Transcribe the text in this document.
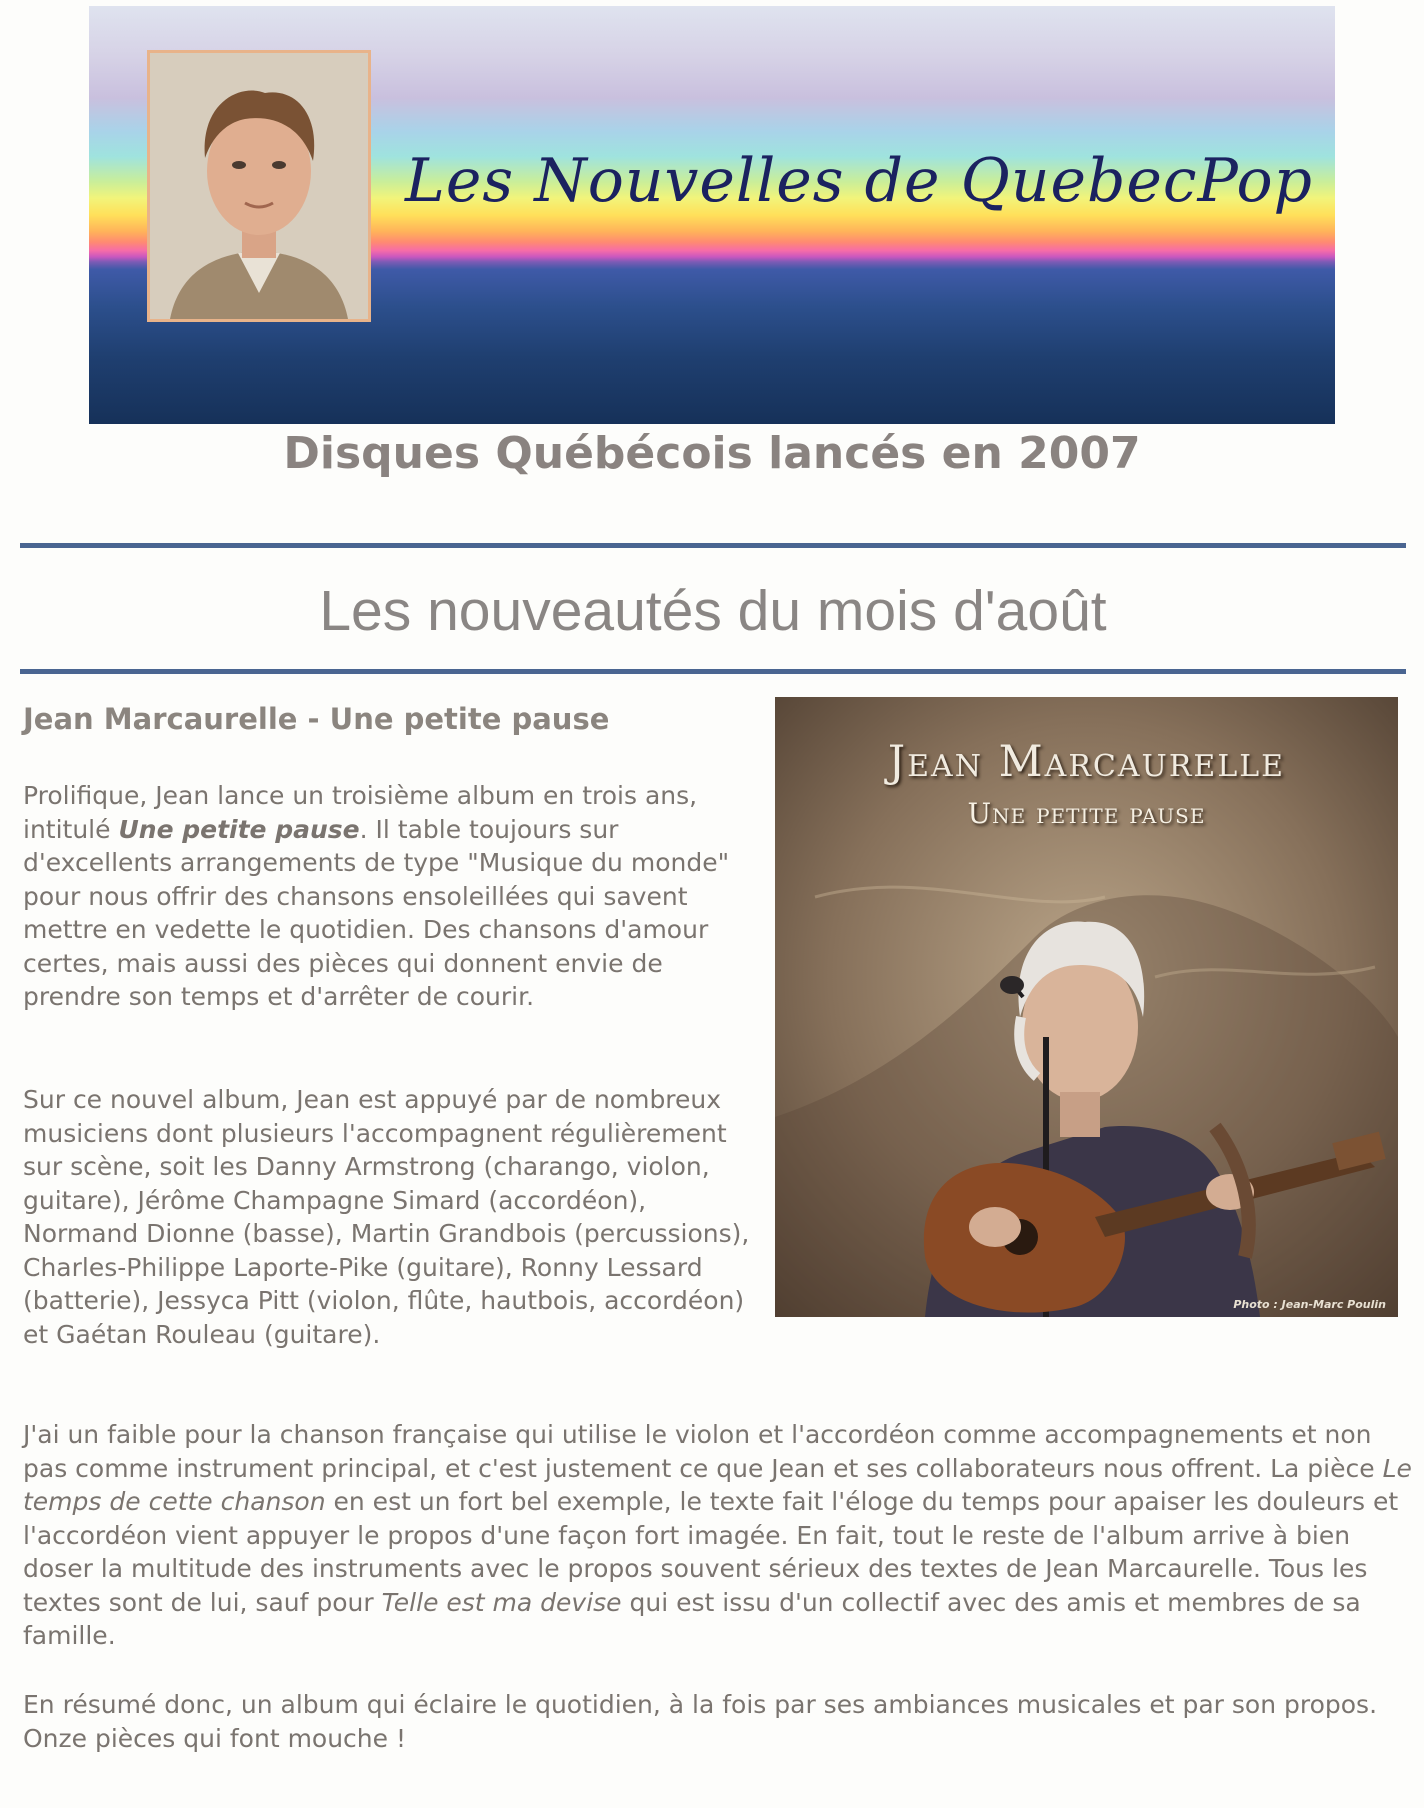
Les Nouvelles de QuebecPop
Disques Québécois lancés en 2007
Les nouveautés du mois d'août
Jean Marcaurelle - Une petite pause

Prolifique, Jean lance un troisième album en trois ans, intitulé Une petite pause. Il table toujours sur d'excellents arrangements de type "Musique du monde" pour nous offrir des chansons ensoleillées qui savent mettre en vedette le quotidien. Des chansons d'amour certes, mais aussi des pièces qui donnent envie de prendre son temps et d'arrêter de courir.

Sur ce nouvel album, Jean est appuyé par de nombreux musiciens dont plusieurs l'accompagnent régulièrement sur scène, soit les Danny Armstrong (charango, violon, guitare), Jérôme Champagne Simard (accordéon), Normand Dionne (basse), Martin Grandbois (percussions), Charles-Philippe Laporte-Pike (guitare), Ronny Lessard (batterie), Jessyca Pitt (violon, flûte, hautbois, accordéon) et Gaétan Rouleau (guitare).

J'ai un faible pour la chanson française qui utilise le violon et l'accordéon comme accompagnements et non pas comme instrument principal, et c'est justement ce que Jean et ses collaborateurs nous offrent. La pièce Le temps de cette chanson en est un fort bel exemple, le texte fait l'éloge du temps pour apaiser les douleurs et l'accordéon vient appuyer le propos d'une façon fort imagée. En fait, tout le reste de l'album arrive à bien doser la multitude des instruments avec le propos souvent sérieux des textes de Jean Marcaurelle. Tous les textes sont de lui, sauf pour Telle est ma devise qui est issu d'un collectif avec des amis et membres de sa famille.

En résumé donc, un album qui éclaire le quotidien, à la fois par ses ambiances musicales et par son propos. Onze pièces qui font mouche !

Jean Marcaurelle
Une petite pause
Photo : Jean-Marc Poulin
